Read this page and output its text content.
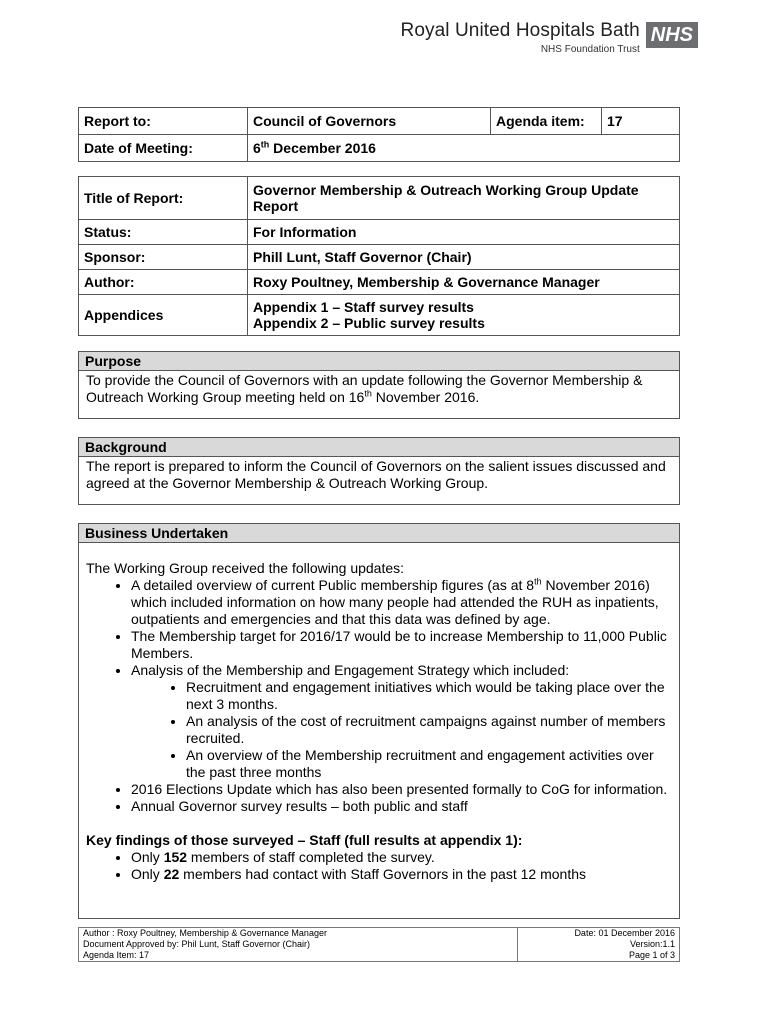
Royal United Hospitals Bath
NHS Foundation Trust
NHS
Report to:	Council of Governors	Agenda item:	17
Date of Meeting:	6th December 2016		
Title of Report:	Governor Membership & Outreach Working Group Update Report
Status:	For Information
Sponsor:	Phill Lunt, Staff Governor (Chair)
Author:	Roxy Poultney, Membership & Governance Manager
Appendices	Appendix 1 – Staff survey results
Appendix 2 – Public survey results
Purpose
To provide the Council of Governors with an update following the Governor Membership & Outreach Working Group meeting held on 16th November 2016.
Background
The report is prepared to inform the Council of Governors on the salient issues discussed and agreed at the Governor Membership & Outreach Working Group.
Business Undertaken
The Working Group received the following updates:
• A detailed overview of current Public membership figures (as at 8th November 2016) which included information on how many people had attended the RUH as inpatients, outpatients and emergencies and that this data was defined by age.
• The Membership target for 2016/17 would be to increase Membership to 11,000 Public Members.
• Analysis of the Membership and Engagement Strategy which included:
• Recruitment and engagement initiatives which would be taking place over the next 3 months.
• An analysis of the cost of recruitment campaigns against number of members recruited.
• An overview of the Membership recruitment and engagement activities over the past three months
• 2016 Elections Update which has also been presented formally to CoG for information.
• Annual Governor survey results – both public and staff
Key findings of those surveyed – Staff (full results at appendix 1):
• Only 152 members of staff completed the survey.
• Only 22 members had contact with Staff Governors in the past 12 months
Author : Roxy Poultney, Membership & Governance Manager
Document Approved by: Phil Lunt, Staff Governor (Chair)
Agenda Item: 17

Date: 01 December 2016
Version:1.1
Page 1 of 3
